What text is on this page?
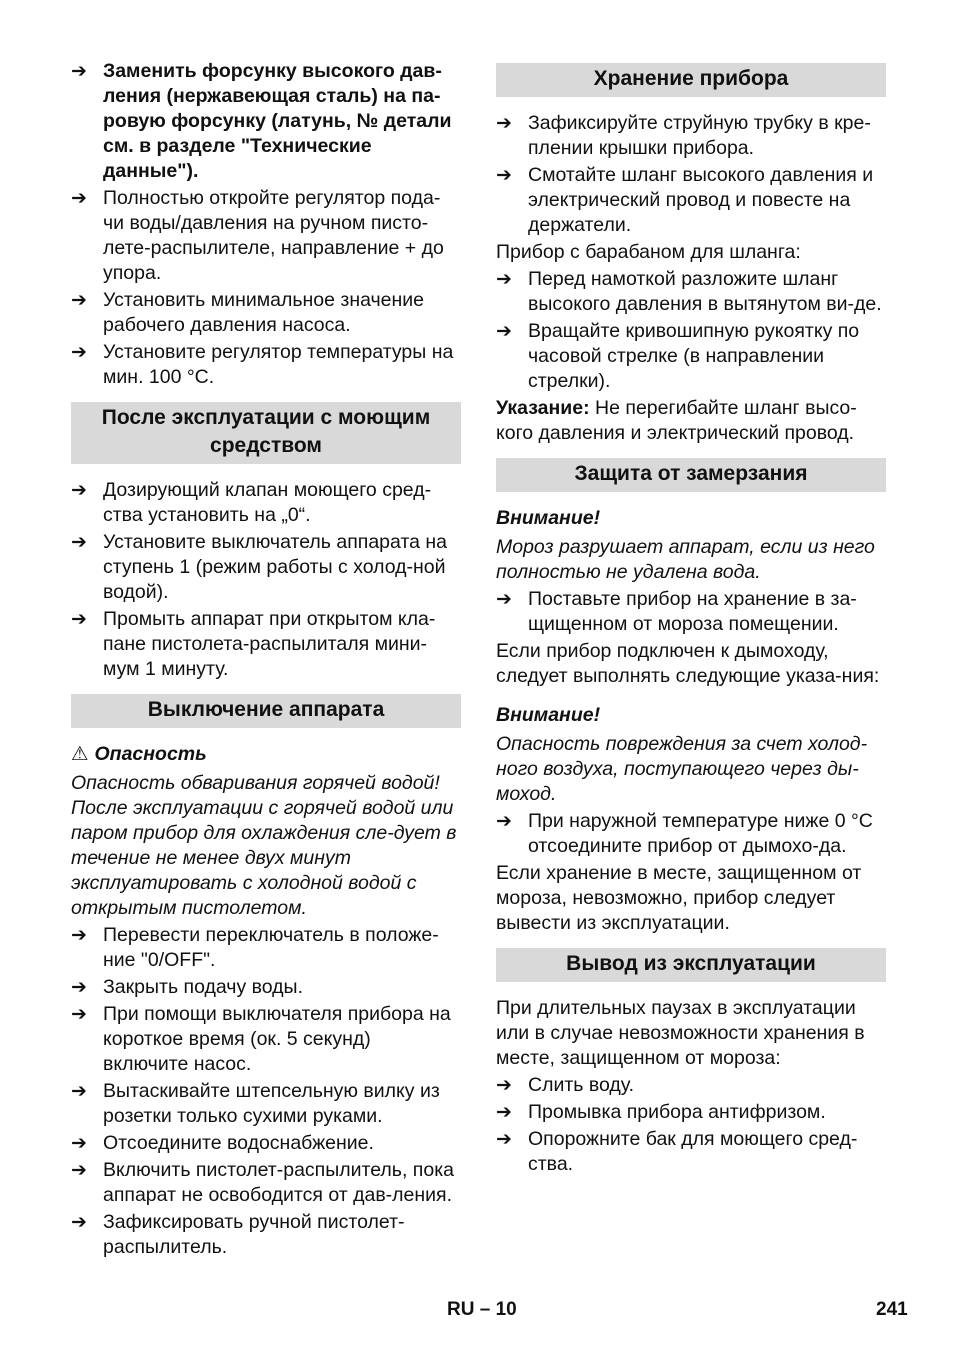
➔ Заменить форсунку высокого дав-ления (нержавеющая сталь) на па-ровую форсунку (латунь, № детали см. в разделе "Технические данные").
➔ Полностью откройте регулятор пода-чи воды/давления на ручном писто-лете-распылителе, направление + до упора.
➔ Установить минимальное значение рабочего давления насоса.
➔ Установите регулятор температуры на мин. 100 °C.
После эксплуатации с моющим средством
➔ Дозирующий клапан моющего сред-ства установить на „0“.
➔ Установите выключатель аппарата на ступень 1 (режим работы с холод-ной водой).
➔ Промыть аппарат при открытом кла-пане пистолета-распылиталя мини-мум 1 минуту.
Выключение аппарата
⚠ Опасность
Опасность обваривания горячей водой! После эксплуатации с горячей водой или паром прибор для охлаждения сле-дует в течение не менее двух минут эксплуатировать с холодной водой с открытым пистолетом.
➔ Перевести переключатель в положе-ние "0/OFF".
➔ Закрыть подачу воды.
➔ При помощи выключателя прибора на короткое время (ок. 5 секунд) включите насос.
➔ Вытаскивайте штепсельную вилку из розетки только сухими руками.
➔ Отсоедините водоснабжение.
➔ Включить пистолет-распылитель, пока аппарат не освободится от дав-ления.
➔ Зафиксировать ручной пистолет-распылитель.
Хранение прибора
➔ Зафиксируйте струйную трубку в кре-плении крышки прибора.
➔ Смотайте шланг высокого давления и электрический провод и повесте на держатели.
Прибор с барабаном для шланга:
➔ Перед намоткой разложите шланг высокого давления в вытянутом ви-де.
➔ Вращайте кривошипную рукоятку по часовой стрелке (в направлении стрелки).
Указание: Не перегибайте шланг высо-кого давления и электрический провод.
Защита от замерзания
Внимание!
Мороз разрушает аппарат, если из него полностью не удалена вода.
➔ Поставьте прибор на хранение в за-щищенном от мороза помещении.
Если прибор подключен к дымоходу, следует выполнять следующие указа-ния:
Внимание!
Опасность повреждения за счет холод-ного воздуха, поступающего через ды-моход.
➔ При наружной температуре ниже 0 °C отсоедините прибор от дымохо-да.
Если хранение в месте, защищенном от мороза, невозможно, прибор следует вывести из эксплуатации.
Вывод из эксплуатации
При длительных паузах в эксплуатации или в случае невозможности хранения в месте, защищенном от мороза:
➔ Слить воду.
➔ Промывка прибора антифризом.
➔ Опорожните бак для моющего сред-ства.
RU – 10	241
